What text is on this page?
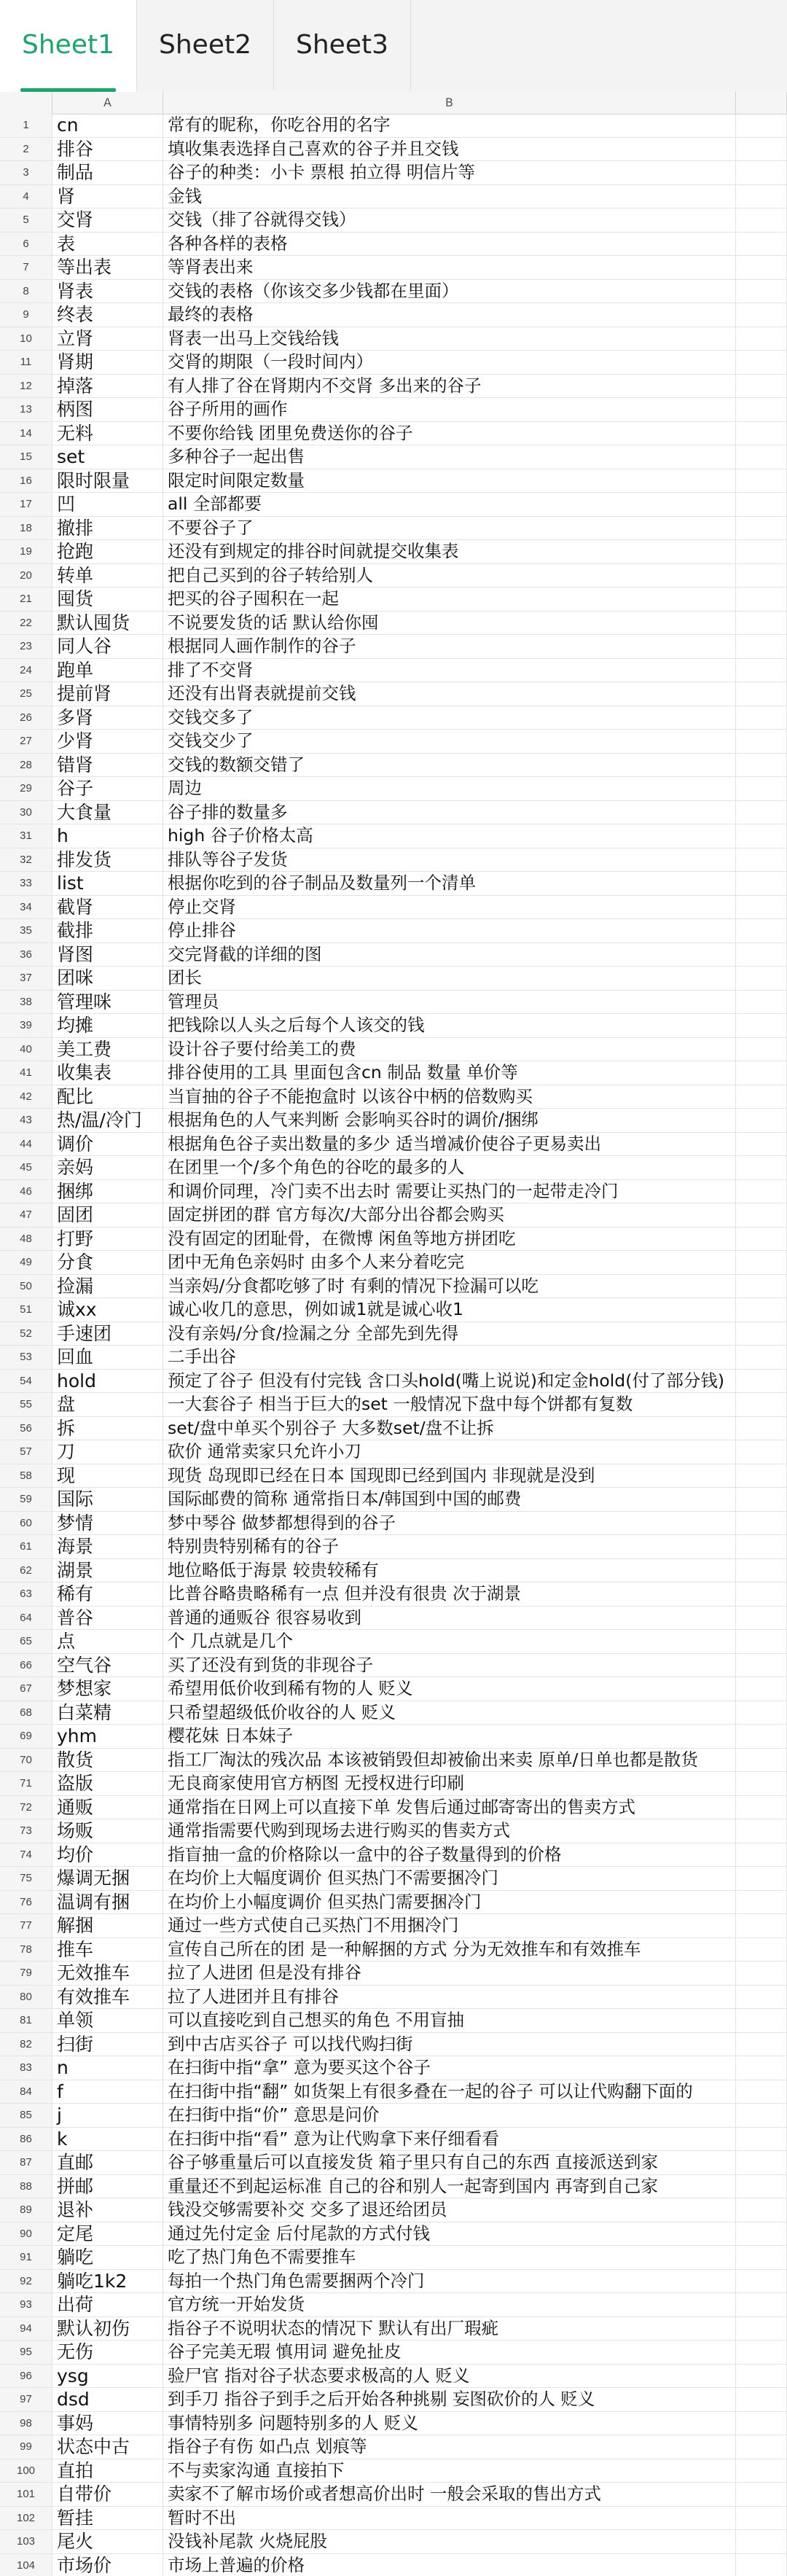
Sheet1	Sheet2	Sheet3
A	B
1	cn	常有的昵称，你吃谷用的名字
2	排谷	填收集表选择自己喜欢的谷子并且交钱
3	制品	谷子的种类：小卡 票根 拍立得 明信片等
4	肾	金钱
5	交肾	交钱（排了谷就得交钱）
6	表	各种各样的表格
7	等出表	等肾表出来
8	肾表	交钱的表格（你该交多少钱都在里面）
9	终表	最终的表格
10	立肾	肾表一出马上交钱给钱
11	肾期	交肾的期限（一段时间内）
12	掉落	有人排了谷在肾期内不交肾 多出来的谷子
13	柄图	谷子所用的画作
14	无料	不要你给钱 团里免费送你的谷子
15	set	多种谷子一起出售
16	限时限量	限定时间限定数量
17	凹	all 全部都要
18	撤排	不要谷子了
19	抢跑	还没有到规定的排谷时间就提交收集表
20	转单	把自己买到的谷子转给别人
21	囤货	把买的谷子囤积在一起
22	默认囤货	不说要发货的话 默认给你囤
23	同人谷	根据同人画作制作的谷子
24	跑单	排了不交肾
25	提前肾	还没有出肾表就提前交钱
26	多肾	交钱交多了
27	少肾	交钱交少了
28	错肾	交钱的数额交错了
29	谷子	周边
30	大食量	谷子排的数量多
31	h	high 谷子价格太高
32	排发货	排队等谷子发货
33	list	根据你吃到的谷子制品及数量列一个清单
34	截肾	停止交肾
35	截排	停止排谷
36	肾图	交完肾截的详细的图
37	团咪	团长
38	管理咪	管理员
39	均摊	把钱除以人头之后每个人该交的钱
40	美工费	设计谷子要付给美工的费
41	收集表	排谷使用的工具 里面包含cn 制品 数量 单价等
42	配比	当盲抽的谷子不能抱盒时 以该谷中柄的倍数购买
43	热/温/冷门	根据角色的人气来判断 会影响买谷时的调价/捆绑
44	调价	根据角色谷子卖出数量的多少 适当增减价使谷子更易卖出
45	亲妈	在团里一个/多个角色的谷吃的最多的人
46	捆绑	和调价同理，冷门卖不出去时 需要让买热门的一起带走冷门
47	固团	固定拼团的群 官方每次/大部分出谷都会购买
48	打野	没有固定的团耻骨，在微博 闲鱼等地方拼团吃
49	分食	团中无角色亲妈时 由多个人来分着吃完
50	捡漏	当亲妈/分食都吃够了时 有剩的情况下捡漏可以吃
51	诚xx	诚心收几的意思，例如诚1就是诚心收1
52	手速团	没有亲妈/分食/捡漏之分 全部先到先得
53	回血	二手出谷
54	hold	预定了谷子 但没有付完钱 含口头hold(嘴上说说)和定金hold(付了部分钱)
55	盘	一大套谷子 相当于巨大的set 一般情况下盘中每个饼都有复数
56	拆	set/盘中单买个别谷子 大多数set/盘不让拆
57	刀	砍价 通常卖家只允许小刀
58	现	现货 岛现即已经在日本 国现即已经到国内 非现就是没到
59	国际	国际邮费的简称 通常指日本/韩国到中国的邮费
60	梦情	梦中琴谷 做梦都想得到的谷子
61	海景	特别贵特别稀有的谷子
62	湖景	地位略低于海景 较贵较稀有
63	稀有	比普谷略贵略稀有一点 但并没有很贵 次于湖景
64	普谷	普通的通贩谷 很容易收到
65	点	个 几点就是几个
66	空气谷	买了还没有到货的非现谷子
67	梦想家	希望用低价收到稀有物的人 贬义
68	白菜精	只希望超级低价收谷的人 贬义
69	yhm	樱花妹 日本妹子
70	散货	指工厂淘汰的残次品 本该被销毁但却被偷出来卖 原单/日单也都是散货
71	盗版	无良商家使用官方柄图 无授权进行印刷
72	通贩	通常指在日网上可以直接下单 发售后通过邮寄寄出的售卖方式
73	场贩	通常指需要代购到现场去进行购买的售卖方式
74	均价	指盲抽一盒的价格除以一盒中的谷子数量得到的价格
75	爆调无捆	在均价上大幅度调价 但买热门不需要捆冷门
76	温调有捆	在均价上小幅度调价 但买热门需要捆冷门
77	解捆	通过一些方式使自己买热门不用捆冷门
78	推车	宣传自己所在的团 是一种解捆的方式 分为无效推车和有效推车
79	无效推车	拉了人进团 但是没有排谷
80	有效推车	拉了人进团并且有排谷
81	单领	可以直接吃到自己想买的角色 不用盲抽
82	扫街	到中古店买谷子 可以找代购扫街
83	n	在扫街中指“拿” 意为要买这个谷子
84	f	在扫街中指“翻” 如货架上有很多叠在一起的谷子 可以让代购翻下面的
85	j	在扫街中指“价” 意思是问价
86	k	在扫街中指“看” 意为让代购拿下来仔细看看
87	直邮	谷子够重量后可以直接发货 箱子里只有自己的东西 直接派送到家
88	拼邮	重量还不到起运标准 自己的谷和别人一起寄到国内 再寄到自己家
89	退补	钱没交够需要补交 交多了退还给团员
90	定尾	通过先付定金 后付尾款的方式付钱
91	躺吃	吃了热门角色不需要推车
92	躺吃1k2	每拍一个热门角色需要捆两个冷门
93	出荷	官方统一开始发货
94	默认初伤	指谷子不说明状态的情况下 默认有出厂瑕疵
95	无伤	谷子完美无瑕 慎用词 避免扯皮
96	ysg	验尸官 指对谷子状态要求极高的人 贬义
97	dsd	到手刀 指谷子到手之后开始各种挑剔 妄图砍价的人 贬义
98	事妈	事情特别多 问题特别多的人 贬义
99	状态中古	指谷子有伤 如凸点 划痕等
100	直拍	不与卖家沟通 直接拍下
101	自带价	卖家不了解市场价或者想高价出时 一般会采取的售出方式
102	暂挂	暂时不出
103	尾火	没钱补尾款 火烧屁股
104	市场价	市场上普遍的价格
